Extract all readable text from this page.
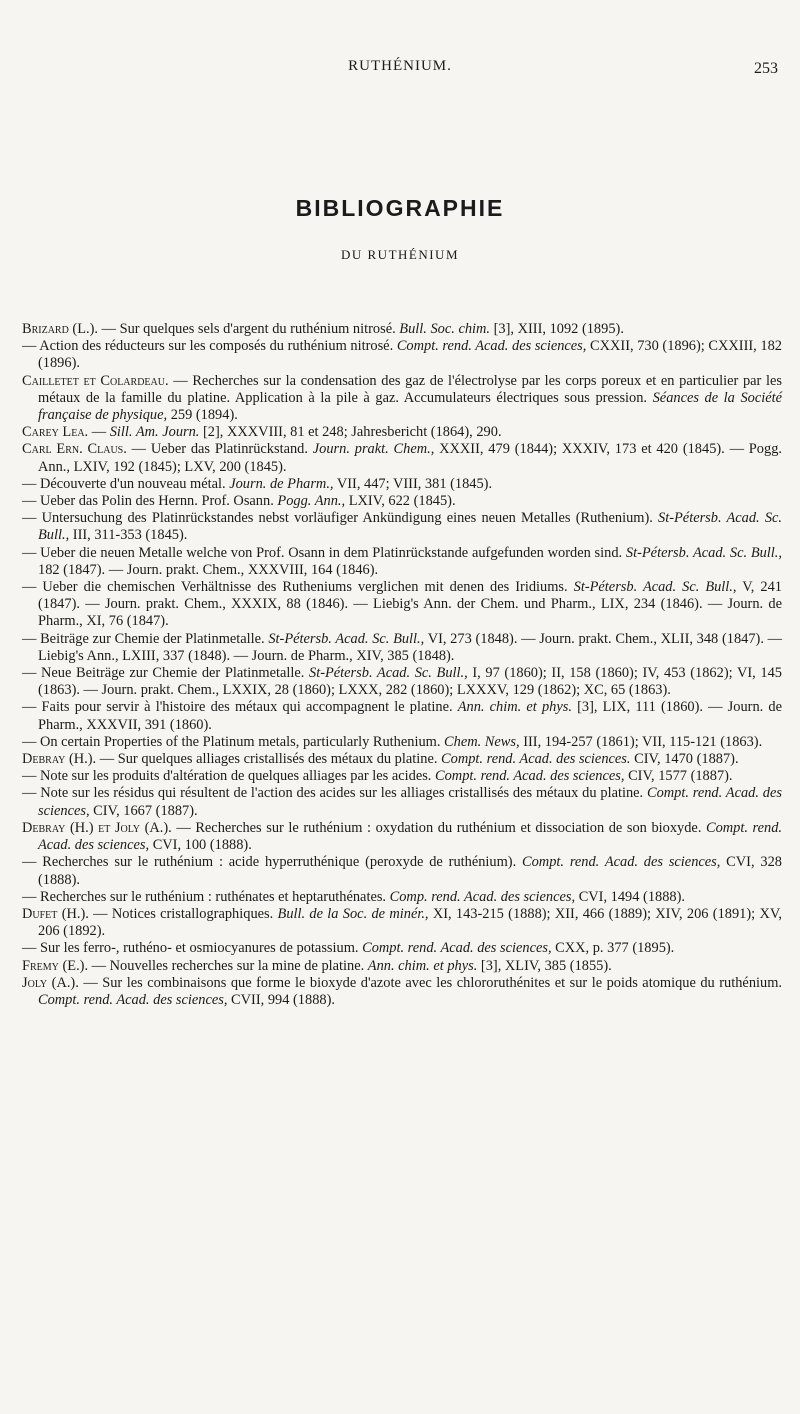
RUTHÉNIUM.	253
BIBLIOGRAPHIE
DU RUTHÉNIUM
Brizard (L.). — Sur quelques sels d'argent du ruthénium nitrosé. Bull. Soc. chim. [3], XIII, 1092 (1895).
— Action des réducteurs sur les composés du ruthénium nitrosé. Compt. rend. Acad. des sciences, CXXII, 730 (1896); CXXIII, 182 (1896).
Cailletet et Colardeau. — Recherches sur la condensation des gaz de l'électrolyse par les corps poreux et en particulier par les métaux de la famille du platine. Application à la pile à gaz. Accumulateurs électriques sous pression. Séances de la Société française de physique, 259 (1894).
Carey Lea. — Sill. Am. Journ. [2], XXXVIII, 81 et 248; Jahresbericht (1864), 290.
Carl Ern. Claus. — Ueber das Platinrückstand. Journ. prakt. Chem., XXXII, 479 (1844); XXXIV, 173 et 420 (1845). — Pogg. Ann., LXIV, 192 (1845); LXV, 200 (1845).
— Découverte d'un nouveau métal. Journ. de Pharm., VII, 447; VIII, 381 (1845).
— Ueber das Polin des Hernn. Prof. Osann. Pogg. Ann., LXIV, 622 (1845).
— Untersuchung des Platinrückstandes nebst vorläufiger Ankündigung eines neuen Metalles (Ruthenium). St-Pétersb. Acad. Sc. Bull., III, 311-353 (1845).
— Ueber die neuen Metalle welche von Prof. Osann in dem Platinrückstande aufgefunden worden sind. St-Pétersb. Acad. Sc. Bull., 182 (1847). — Journ. prakt. Chem., XXXVIII, 164 (1846).
— Ueber die chemischen Verhältnisse des Rutheniums verglichen mit denen des Iridiums. St-Pétersb. Acad. Sc. Bull., V, 241 (1847). — Journ. prakt. Chem., XXXIX, 88 (1846). — Liebig's Ann. der Chem. und Pharm., LIX, 234 (1846). — Journ. de Pharm., XI, 76 (1847).
— Beiträge zur Chemie der Platinmetalle. St-Pétersb. Acad. Sc. Bull., VI, 273 (1848). — Journ. prakt. Chem., XLII, 348 (1847). — Liebig's Ann., LXIII, 337 (1848). — Journ. de Pharm., XIV, 385 (1848).
— Neue Beiträge zur Chemie der Platinmetalle. St-Pétersb. Acad. Sc. Bull., I, 97 (1860); II, 158 (1860); IV, 453 (1862); VI, 145 (1863). — Journ. prakt. Chem., LXXIX, 28 (1860); LXXX, 282 (1860); LXXXV, 129 (1862); XC, 65 (1863).
— Faits pour servir à l'histoire des métaux qui accompagnent le platine. Ann. chim. et phys. [3], LIX, 111 (1860). — Journ. de Pharm., XXXVII, 391 (1860).
— On certain Properties of the Platinum metals, particularly Ruthenium. Chem. News, III, 194-257 (1861); VII, 115-121 (1863).
Debray (H.). — Sur quelques alliages cristallisés des métaux du platine. Compt. rend. Acad. des sciences. CIV, 1470 (1887).
— Note sur les produits d'altération de quelques alliages par les acides. Compt. rend. Acad. des sciences, CIV, 1577 (1887).
— Note sur les résidus qui résultent de l'action des acides sur les alliages cristallisés des métaux du platine. Compt. rend. Acad. des sciences, CIV, 1667 (1887).
Debray (H.) et Joly (A.). — Recherches sur le ruthénium : oxydation du ruthénium et dissociation de son bioxyde. Compt. rend. Acad. des sciences, CVI, 100 (1888).
— Recherches sur le ruthénium : acide hyperruthénique (peroxyde de ruthénium). Compt. rend. Acad. des sciences, CVI, 328 (1888).
— Recherches sur le ruthénium : ruthénates et heptaruthénates. Comp. rend. Acad. des sciences, CVI, 1494 (1888).
Dufet (H.). — Notices cristallographiques. Bull. de la Soc. de minér., XI, 143-215 (1888); XII, 466 (1889); XIV, 206 (1891); XV, 206 (1892).
— Sur les ferro-, ruthéno- et osmiocyanures de potassium. Compt. rend. Acad. des sciences, CXX, p. 377 (1895).
Fremy (E.). — Nouvelles recherches sur la mine de platine. Ann. chim. et phys. [3], XLIV, 385 (1855).
Joly (A.). — Sur les combinaisons que forme le bioxyde d'azote avec les chlororuthénites et sur le poids atomique du ruthénium. Compt. rend. Acad. des sciences, CVII, 994 (1888).
